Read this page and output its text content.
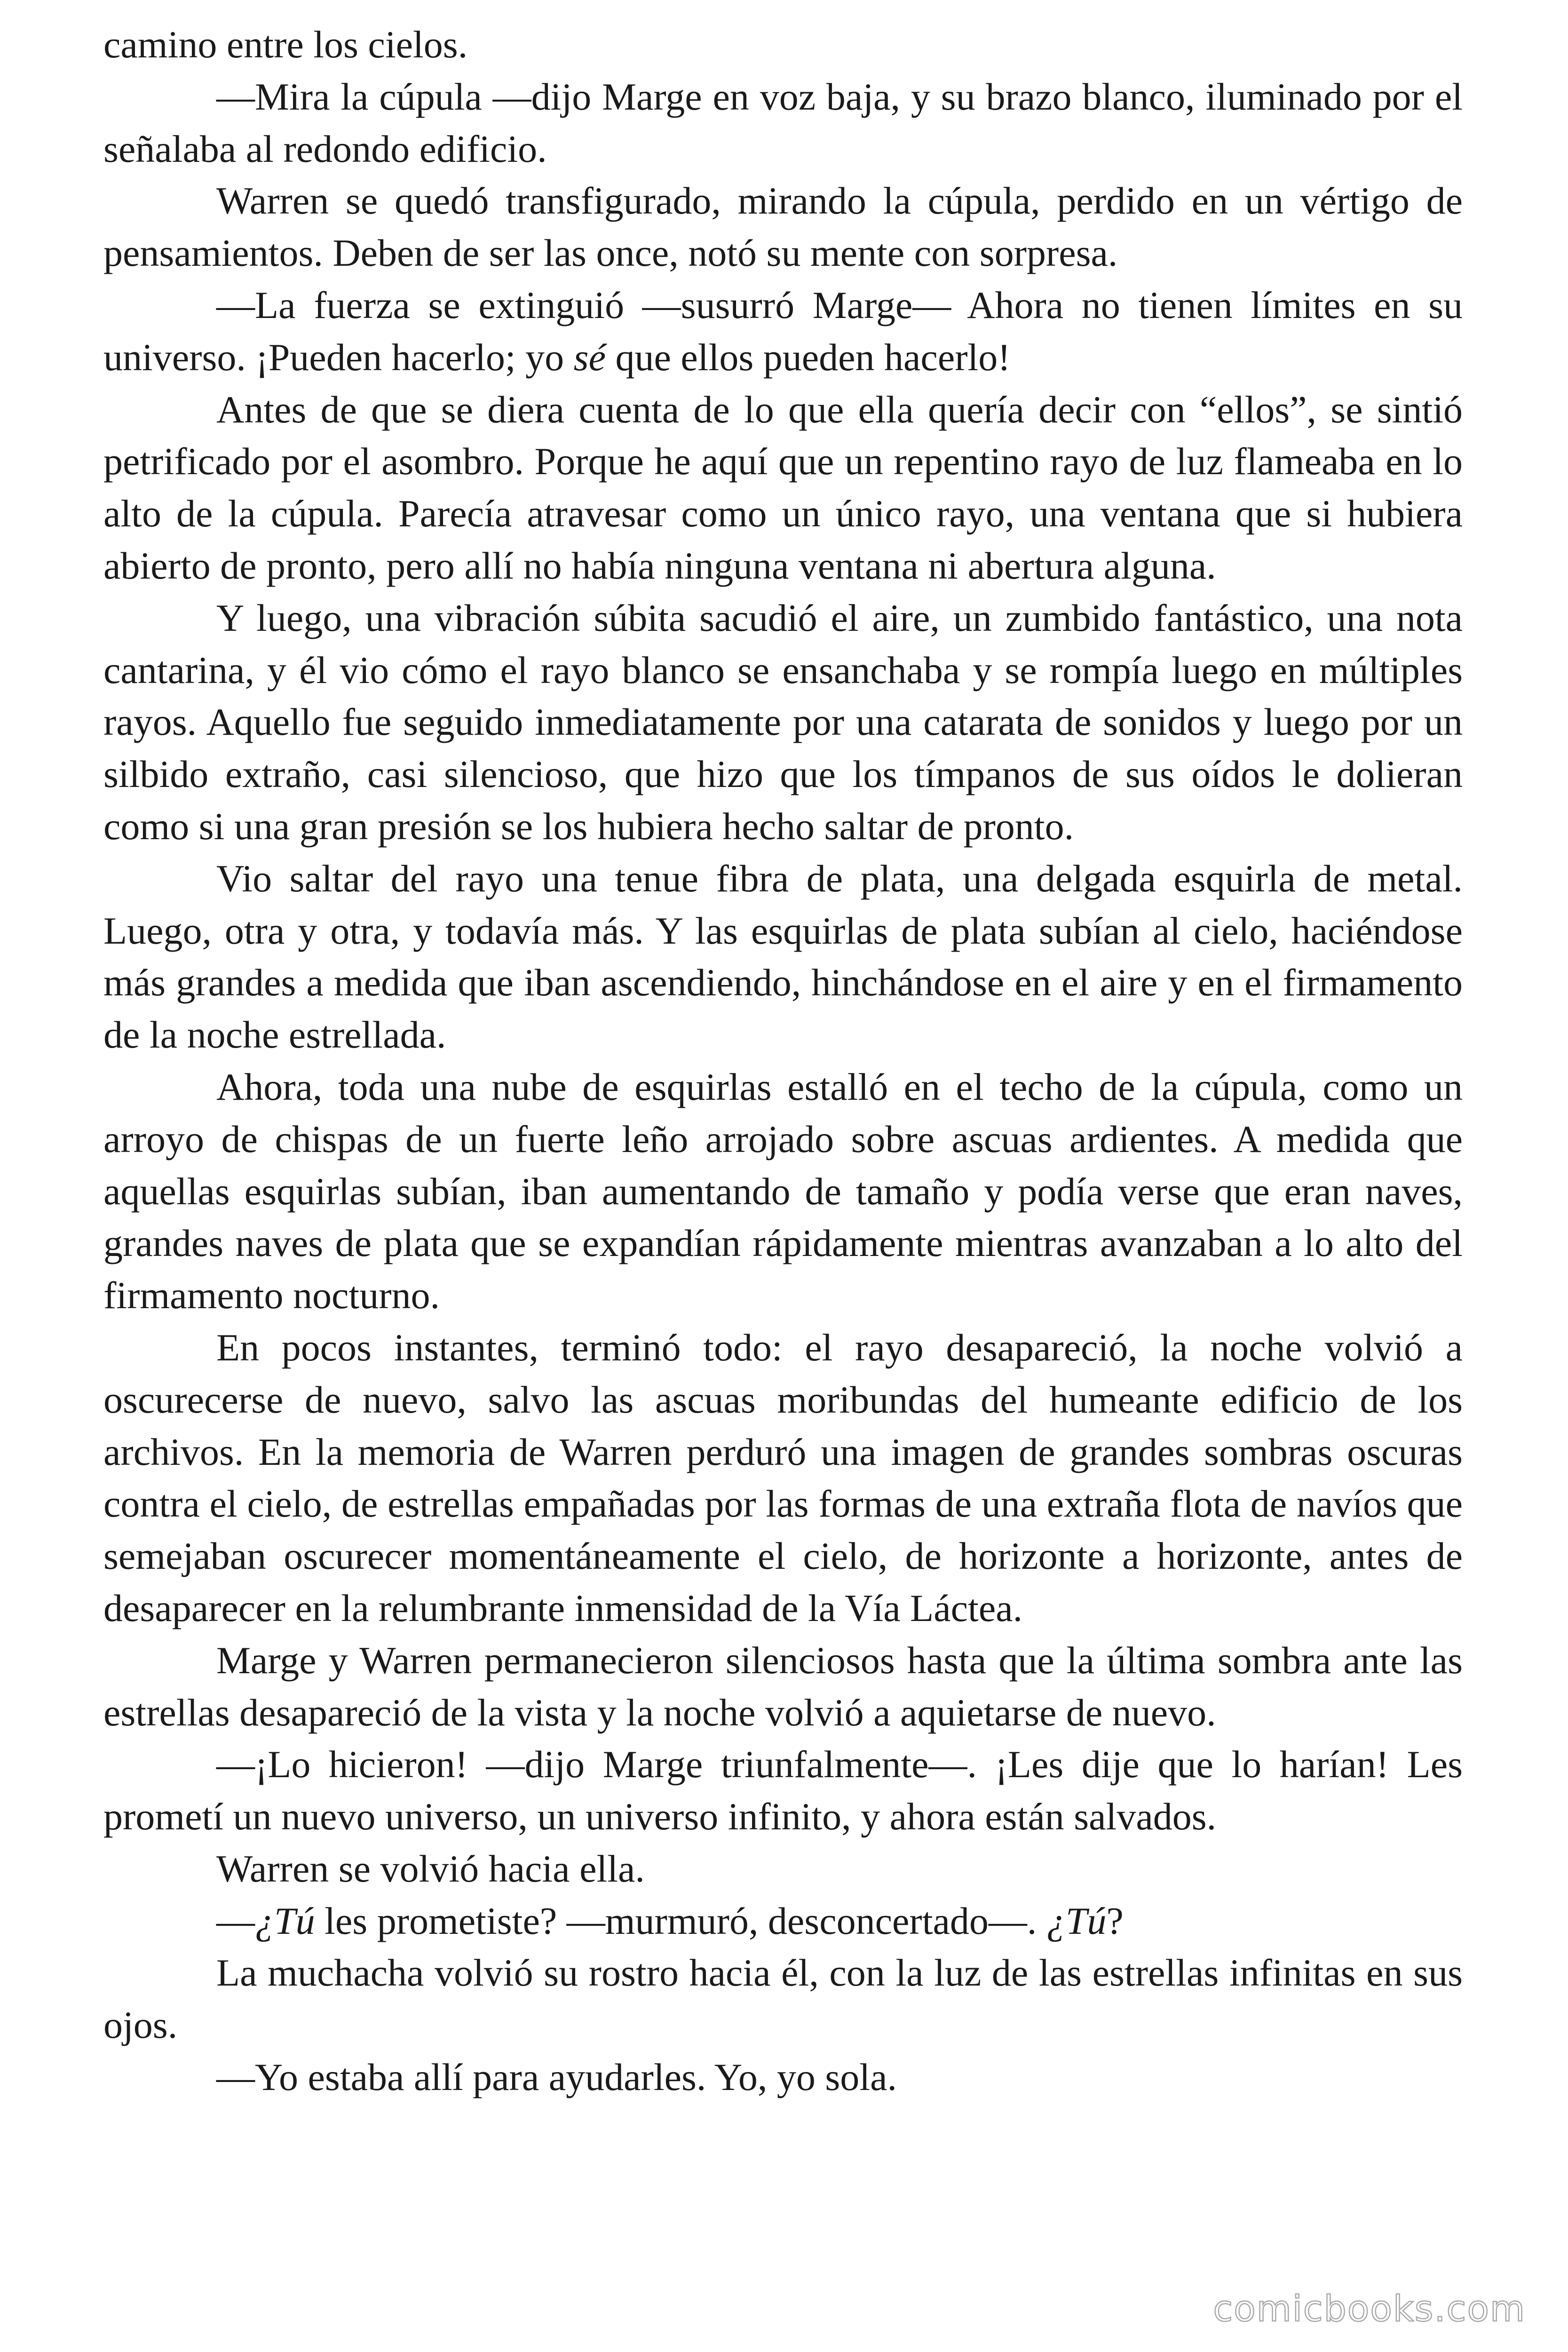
camino entre los cielos.

—Mira la cúpula —dijo Marge en voz baja, y su brazo blanco, iluminado por el señalaba al redondo edificio.

Warren se quedó transfigurado, mirando la cúpula, perdido en un vértigo de pensamientos. Deben de ser las once, notó su mente con sorpresa.

—La fuerza se extinguió —susurró Marge— Ahora no tienen límites en su universo. ¡Pueden hacerlo; yo sé que ellos pueden hacerlo!

Antes de que se diera cuenta de lo que ella quería decir con “ellos”, se sintió petrificado por el asombro. Porque he aquí que un repentino rayo de luz flameaba en lo alto de la cúpula. Parecía atravesar como un único rayo, una ventana que si hubiera abierto de pronto, pero allí no había ninguna ventana ni abertura alguna.

Y luego, una vibración súbita sacudió el aire, un zumbido fantástico, una nota cantarina, y él vio cómo el rayo blanco se ensanchaba y se rompía luego en múltiples rayos. Aquello fue seguido inmediatamente por una catarata de sonidos y luego por un silbido extraño, casi silencioso, que hizo que los tímpanos de sus oídos le dolieran como si una gran presión se los hubiera hecho saltar de pronto.

Vio saltar del rayo una tenue fibra de plata, una delgada esquirla de metal. Luego, otra y otra, y todavía más. Y las esquirlas de plata subían al cielo, haciéndose más grandes a medida que iban ascendiendo, hinchándose en el aire y en el firmamento de la noche estrellada.

Ahora, toda una nube de esquirlas estalló en el techo de la cúpula, como un arroyo de chispas de un fuerte leño arrojado sobre ascuas ardientes. A medida que aquellas esquirlas subían, iban aumentando de tamaño y podía verse que eran naves, grandes naves de plata que se expandían rápidamente mientras avanzaban a lo alto del firmamento nocturno.

En pocos instantes, terminó todo: el rayo desapareció, la noche volvió a oscurecerse de nuevo, salvo las ascuas moribundas del humeante edificio de los archivos. En la memoria de Warren perduró una imagen de grandes sombras oscuras contra el cielo, de estrellas empañadas por las formas de una extraña flota de navíos que semejaban oscurecer momentáneamente el cielo, de horizonte a horizonte, antes de desaparecer en la relumbrante inmensidad de la Vía Láctea.

Marge y Warren permanecieron silenciosos hasta que la última sombra ante las estrellas desapareció de la vista y la noche volvió a aquietarse de nuevo.

—¡Lo hicieron! —dijo Marge triunfalmente—. ¡Les dije que lo harían! Les prometí un nuevo universo, un universo infinito, y ahora están salvados.

Warren se volvió hacia ella.

—¿Tú les prometiste? —murmuró, desconcertado—. ¿Tú?

La muchacha volvió su rostro hacia él, con la luz de las estrellas infinitas en sus ojos.

—Yo estaba allí para ayudarles. Yo, yo sola.

comicbooks.com
